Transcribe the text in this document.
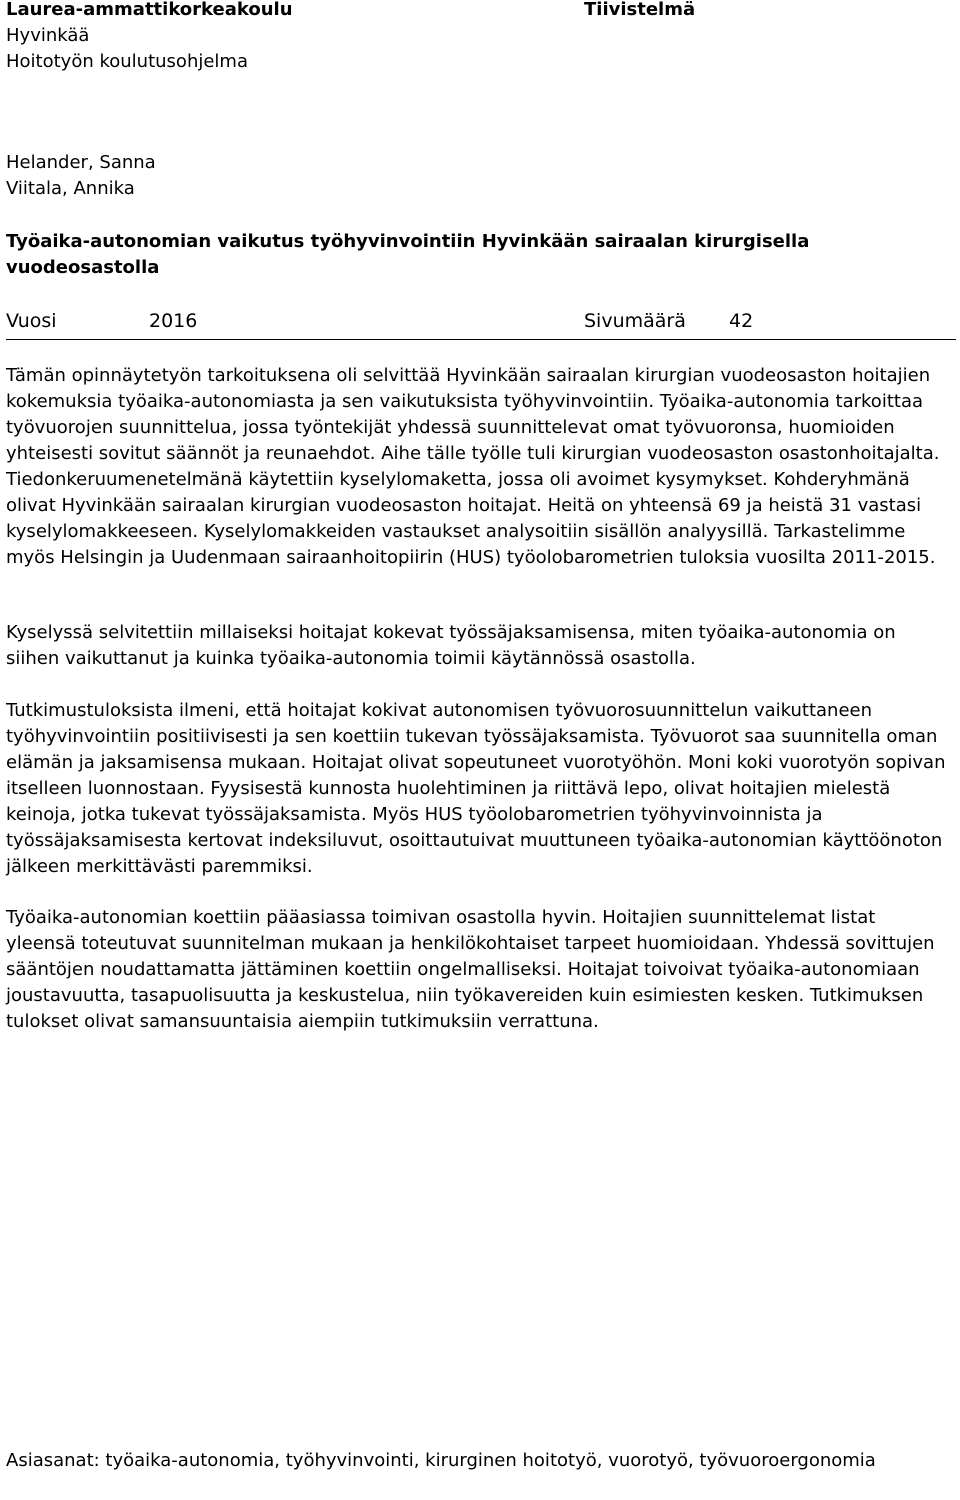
Laurea-ammattikorkeakoulu
Hyvinkää
Hoitotyön koulutusohjelma
Tiivistelmä
Helander, Sanna
Viitala, Annika
Työaika-autonomian vaikutus työhyvinvointiin Hyvinkään sairaalan kirurgisella vuodeosastolla
Vuosi	2016	Sivumäärä 42
Tämän opinnäytetyön tarkoituksena oli selvittää Hyvinkään sairaalan kirurgian vuodeosaston hoitajien kokemuksia työaika-autonomiasta ja sen vaikutuksista työhyvinvointiin. Työaika-autonomia tarkoittaa työvuorojen suunnittelua, jossa työntekijät yhdessä suunnittelevat omat työvuoronsa, huomioiden yhteisesti sovitut säännöt ja reunaehdot. Aihe tälle työlle tuli kirurgian vuodeosaston osastonhoitajalta. Tiedonkeruumenetelmänä käytettiin kyselylomaketta, jossa oli avoimet kysymykset. Kohderyhmänä olivat Hyvinkään sairaalan kirurgian vuodeosaston hoitajat. Heitä on yhteensä 69 ja heistä 31 vastasi kyselylomakkeeseen. Kyselylomakkeiden vastaukset analysoitiin sisällön analyysillä. Tarkastelimme myös Helsingin ja Uudenmaan sairaanhoitopiirin (HUS) työolobarometrien tuloksia vuosilta 2011-2015.
Kyselyssä selvitettiin millaiseksi hoitajat kokevat työssäjaksamisensa, miten työaika-autonomia on siihen vaikuttanut ja kuinka työaika-autonomia toimii käytännössä osastolla.
Tutkimustuloksista ilmeni, että hoitajat kokivat autonomisen työvuorosuunnittelun vaikuttaneen työhyvinvointiin positiivisesti ja sen koettiin tukevan työssäjaksamista. Työvuorot saa suunnitella oman elämän ja jaksamisensa mukaan. Hoitajat olivat sopeutuneet vuorotyöhön. Moni koki vuorotyön sopivan itselleen luonnostaan. Fyysisestä kunnosta huolehtiminen ja riittävä lepo, olivat hoitajien mielestä keinoja, jotka tukevat työssäjaksamista. Myös HUS työolobarometrien työhyvinvoinnista ja työssäjaksamisesta kertovat indeksiluvut, osoittautuivat muuttuneen työaika-autonomian käyttöönoton jälkeen merkittävästi paremmiksi.
Työaika-autonomian koettiin pääasiassa toimivan osastolla hyvin. Hoitajien suunnittelemat listat yleensä toteutuvat suunnitelman mukaan ja henkilökohtaiset tarpeet huomioidaan. Yhdessä sovittujen sääntöjen noudattamatta jättäminen koettiin ongelmalliseksi. Hoitajat toivoivat työaika-autonomiaan joustavuutta, tasapuolisuutta ja keskustelua, niin työkavereiden kuin esimiesten kesken. Tutkimuksen tulokset olivat samansuuntaisia aiempiin tutkimuksiin verrattuna.
Asiasanat: työaika-autonomia, työhyvinvointi, kirurginen hoitotyö, vuorotyö, työvuoroergonomia
